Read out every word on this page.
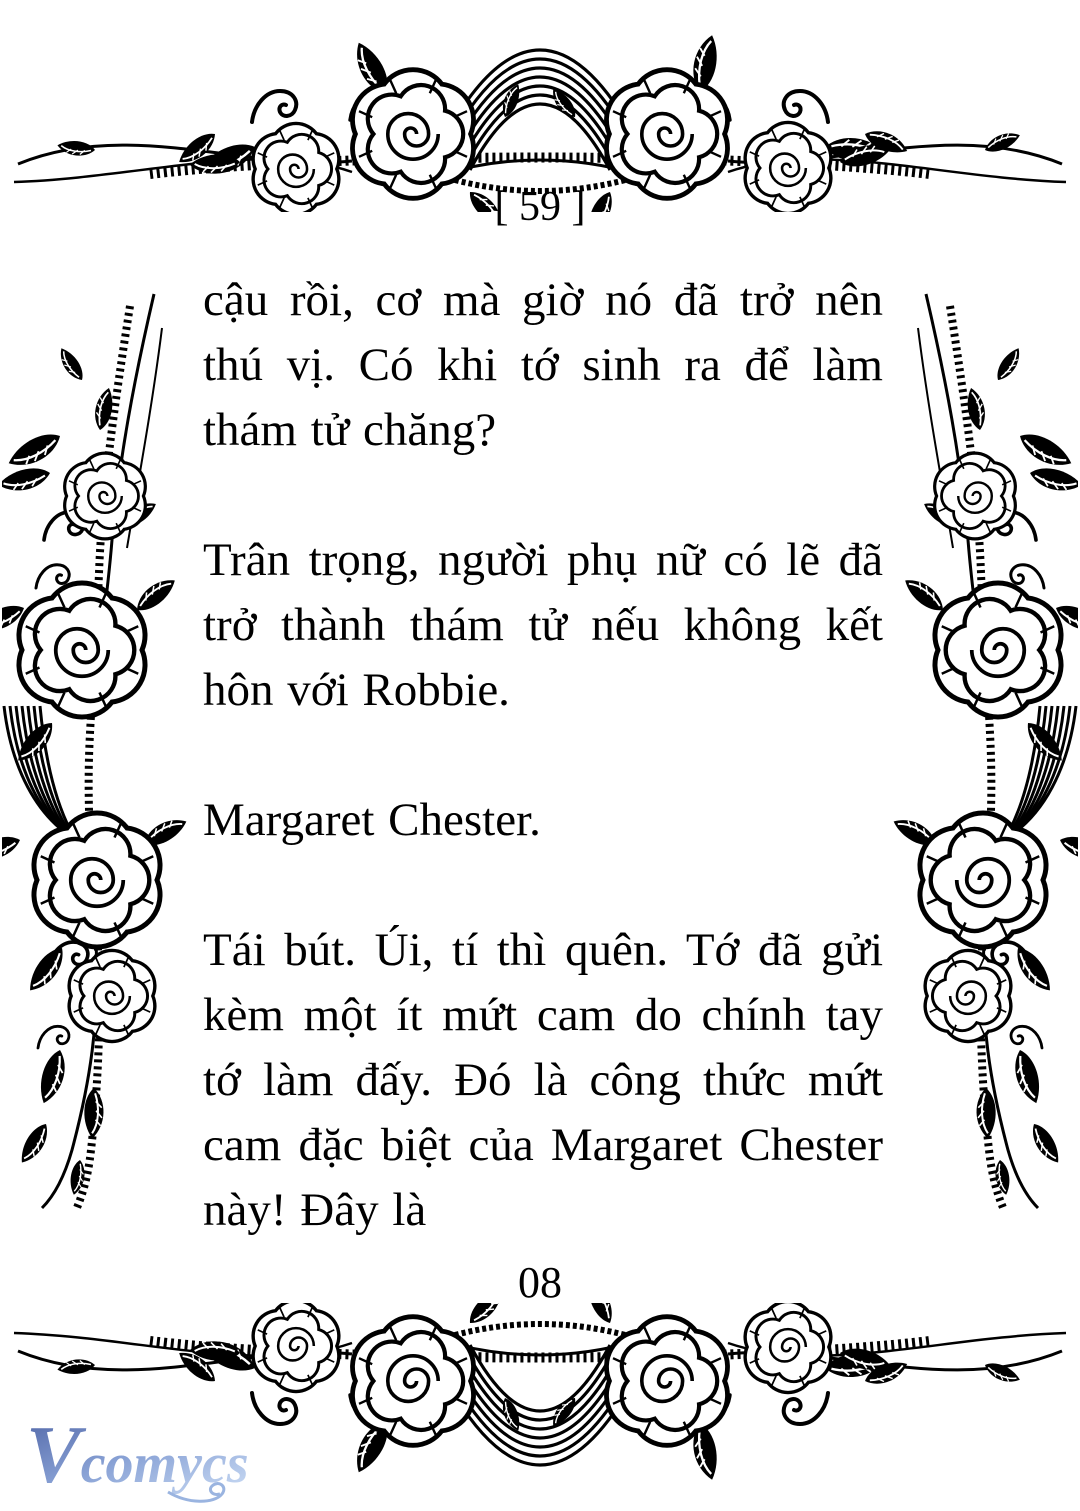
[ 59 ]

cậu rồi, cơ mà giờ nó đã trở nên thú vị. Có khi tớ sinh ra để làm thám tử chăng?

Trân trọng, người phụ nữ có lẽ đã trở thành thám tử nếu không kết hôn với Robbie.

Margaret Chester.

Tái bút. Úi, tí thì quên. Tớ đã gửi kèm một ít mứt cam do chính tay tớ làm đấy. Đó là công thức mứt cam đặc biệt của Margaret Chester này! Đây là

08
Vcomycs
